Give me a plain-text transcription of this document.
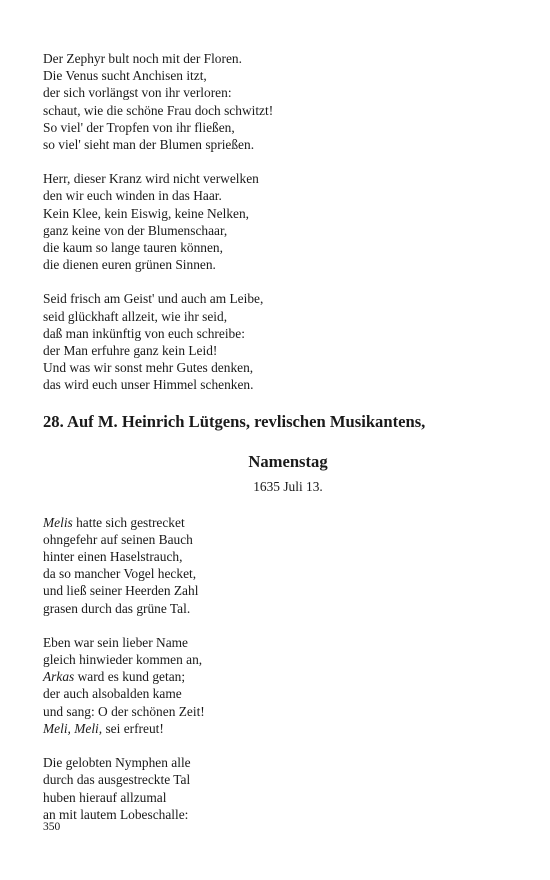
Der Zephyr bult noch mit der Floren.
Die Venus sucht Anchisen itzt,
der sich vorlängst von ihr verloren:
schaut, wie die schöne Frau doch schwitzt!
So viel' der Tropfen von ihr fließen,
so viel' sieht man der Blumen sprießen.
Herr, dieser Kranz wird nicht verwelken
den wir euch winden in das Haar.
Kein Klee, kein Eiswig, keine Nelken,
ganz keine von der Blumenschaar,
die kaum so lange tauren können,
die dienen euren grünen Sinnen.
Seid frisch am Geist' und auch am Leibe,
seid glückhaft allzeit, wie ihr seid,
daß man inkünftig von euch schreibe:
der Man erfuhre ganz kein Leid!
Und was wir sonst mehr Gutes denken,
das wird euch unser Himmel schenken.
28. Auf M. Heinrich Lütgens, revlischen Musikantens,
Namenstag
1635 Juli 13.
Melis hatte sich gestrecket
ohngefehr auf seinen Bauch
hinter einen Haselstrauch,
da so mancher Vogel hecket,
und ließ seiner Heerden Zahl
grasen durch das grüne Tal.
Eben war sein lieber Name
gleich hinwieder kommen an,
Arkas ward es kund getan;
der auch alsobalden kame
und sang: O der schönen Zeit!
Meli, Meli, sei erfreut!
Die gelobten Nymphen alle
durch das ausgestreckte Tal
huben hierauf allzumal
an mit lautem Lobeschalle:
350
